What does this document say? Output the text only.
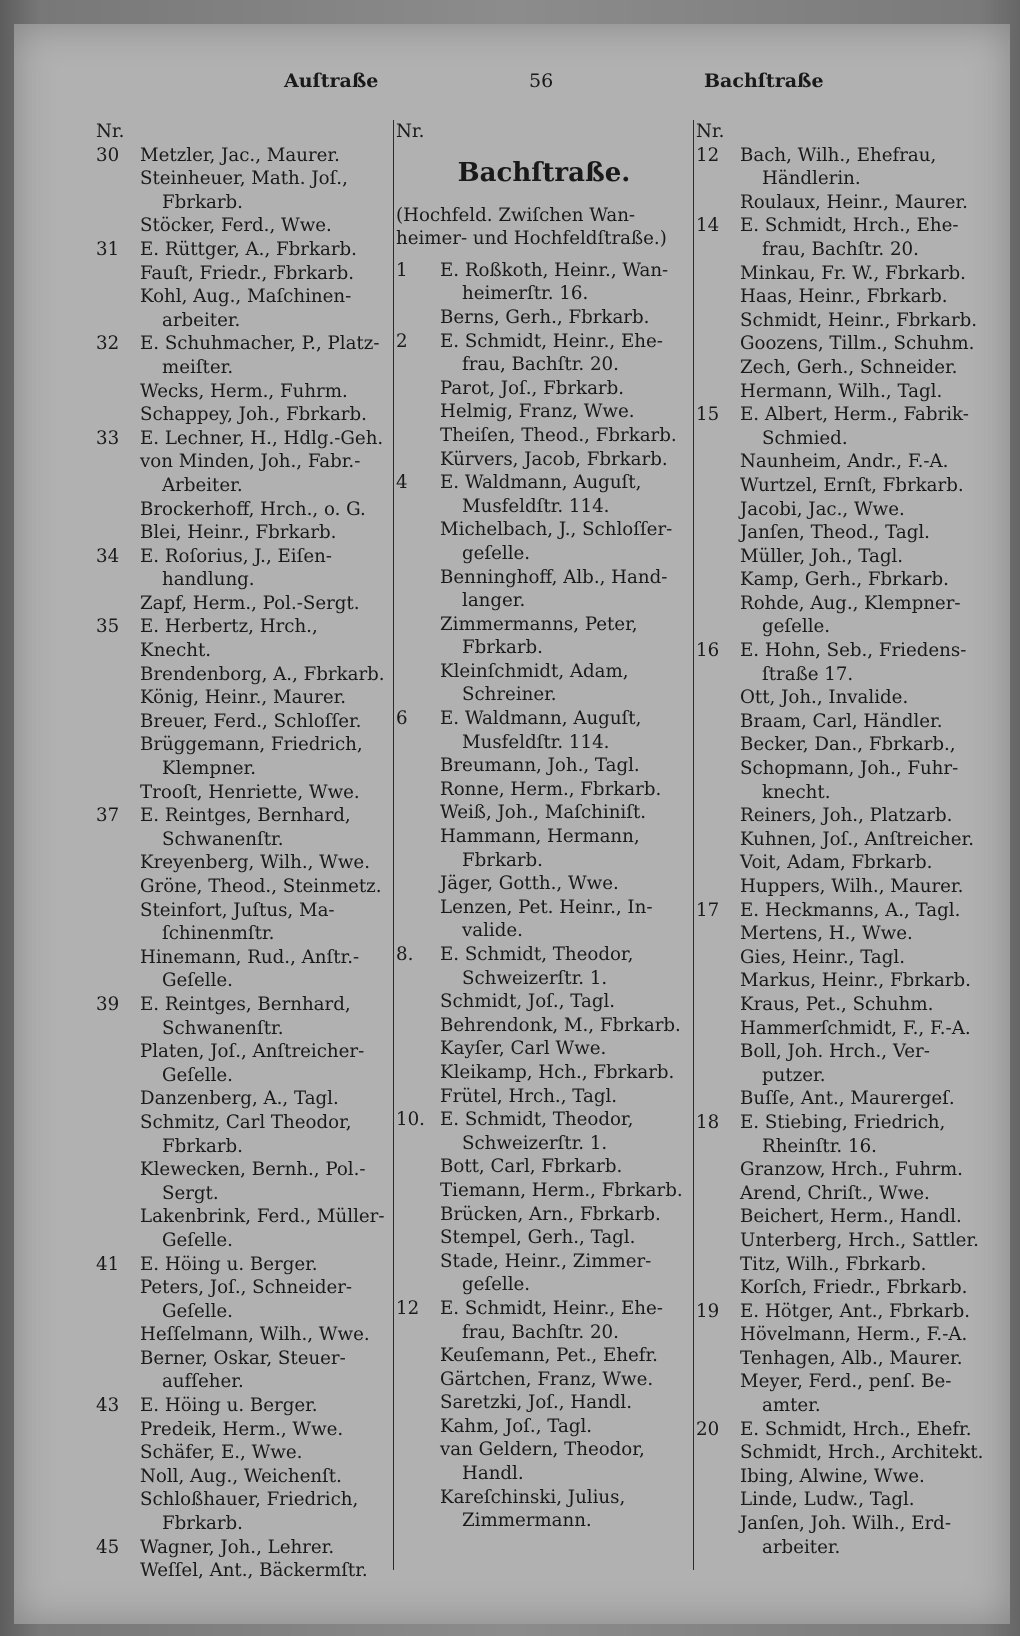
Auſtraße	56	Bachſtraße
Nr.
30	Metzler, Jac., Maurer.
Steinheuer, Math. Joſ.,
Fbrkarb.
Stöcker, Ferd., Wwe.
31	E. Rüttger, A., Fbrkarb.
Fauſt, Friedr., Fbrkarb.
Kohl, Aug., Maſchinen-
arbeiter.
32	E. Schuhmacher, P., Platz-
meiſter.
Wecks, Herm., Fuhrm.
Schappey, Joh., Fbrkarb.
33	E. Lechner, H., Hdlg.-Geh.
von Minden, Joh., Fabr.-
Arbeiter.
Brockerhoff, Hrch., o. G.
Blei, Heinr., Fbrkarb.
34	E. Roſorius, J., Eiſen-
handlung.
Zapf, Herm., Pol.-Sergt.
35	E. Herbertz, Hrch., Knecht.
Brendenborg, A., Fbrkarb.
König, Heinr., Maurer.
Breuer, Ferd., Schloſſer.
Brüggemann, Friedrich,
Klempner.
Trooſt, Henriette, Wwe.
37	E. Reintges, Bernhard,
Schwanenſtr.
Kreyenberg, Wilh., Wwe.
Gröne, Theod., Steinmetz.
Steinfort, Juſtus, Ma-
ſchinenmſtr.
Hinemann, Rud., Anſtr.-
Geſelle.
39	E. Reintges, Bernhard,
Schwanenſtr.
Platen, Joſ., Anſtreicher-
Geſelle.
Danzenberg, A., Tagl.
Schmitz, Carl Theodor,
Fbrkarb.
Klewecken, Bernh., Pol.-
Sergt.
Lakenbrink, Ferd., Müller-
Geſelle.
41	E. Höing u. Berger.
Peters, Joſ., Schneider-
Geſelle.
Heſſelmann, Wilh., Wwe.
Berner, Oskar, Steuer-
aufſeher.
43	E. Höing u. Berger.
Predeik, Herm., Wwe.
Schäfer, E., Wwe.
Noll, Aug., Weichenſt.
Schloßhauer, Friedrich,
Fbrkarb.
45	Wagner, Joh., Lehrer.
Weſſel, Ant., Bäckermſtr.
Nr.
Bachſtraße.
(Hochfeld. Zwiſchen Wan-
heimer- und Hochfeldſtraße.)
1	E. Roßkoth, Heinr., Wan-
heimerſtr. 16.
Berns, Gerh., Fbrkarb.
2	E. Schmidt, Heinr., Ehe-
frau, Bachſtr. 20.
Parot, Joſ., Fbrkarb.
Helmig, Franz, Wwe.
Theiſen, Theod., Fbrkarb.
Kürvers, Jacob, Fbrkarb.
4	E. Waldmann, Auguſt,
Musfeldſtr. 114.
Michelbach, J., Schloſſer-
geſelle.
Benninghoff, Alb., Hand-
langer.
Zimmermanns, Peter,
Fbrkarb.
Kleinſchmidt, Adam,
Schreiner.
6	E. Waldmann, Auguſt,
Musfeldſtr. 114.
Breumann, Joh., Tagl.
Ronne, Herm., Fbrkarb.
Weiß, Joh., Maſchiniſt.
Hammann, Hermann,
Fbrkarb.
Jäger, Gotth., Wwe.
Lenzen, Pet. Heinr., In-
valide.
8.	E. Schmidt, Theodor,
Schweizerſtr. 1.
Schmidt, Joſ., Tagl.
Behrendonk, M., Fbrkarb.
Kayſer, Carl Wwe.
Kleikamp, Hch., Fbrkarb.
Frütel, Hrch., Tagl.
10. E. Schmidt, Theodor,
Schweizerſtr. 1.
Bott, Carl, Fbrkarb.
Tiemann, Herm., Fbrkarb.
Brücken, Arn., Fbrkarb.
Stempel, Gerh., Tagl.
Stade, Heinr., Zimmer-
geſelle.
12	E. Schmidt, Heinr., Ehe-
frau, Bachſtr. 20.
Keuſemann, Pet., Ehefr.
Gärtchen, Franz, Wwe.
Saretzki, Joſ., Handl.
Kahm, Joſ., Tagl.
van Geldern, Theodor,
Handl.
Kareſchinski, Julius,
Zimmermann.
Nr.
12	Bach, Wilh., Ehefrau,
Händlerin.
Roulaux, Heinr., Maurer.
14	E. Schmidt, Hrch., Ehe-
frau, Bachſtr. 20.
Minkau, Fr. W., Fbrkarb.
Haas, Heinr., Fbrkarb.
Schmidt, Heinr., Fbrkarb.
Goozens, Tillm., Schuhm.
Zech, Gerh., Schneider.
Hermann, Wilh., Tagl.
15	E. Albert, Herm., Fabrik-
Schmied.
Naunheim, Andr., F.-A.
Wurtzel, Ernſt, Fbrkarb.
Jacobi, Jac., Wwe.
Janſen, Theod., Tagl.
Müller, Joh., Tagl.
Kamp, Gerh., Fbrkarb.
Rohde, Aug., Klempner-
geſelle.
16	E. Hohn, Seb., Friedens-
ſtraße 17.
Ott, Joh., Invalide.
Braam, Carl, Händler.
Becker, Dan., Fbrkarb.,
Schopmann, Joh., Fuhr-
knecht.
Reiners, Joh., Platzarb.
Kuhnen, Joſ., Anſtreicher.
Voit, Adam, Fbrkarb.
Huppers, Wilh., Maurer.
17	E. Heckmanns, A., Tagl.
Mertens, H., Wwe.
Gies, Heinr., Tagl.
Markus, Heinr., Fbrkarb.
Kraus, Pet., Schuhm.
Hammerſchmidt, F., F.-A.
Boll, Joh. Hrch., Ver-
putzer.
Buſſe, Ant., Maurergeſ.
18	E. Stiebing, Friedrich,
Rheinſtr. 16.
Granzow, Hrch., Fuhrm.
Arend, Chriſt., Wwe.
Beichert, Herm., Handl.
Unterberg, Hrch., Sattler.
Titz, Wilh., Fbrkarb.
Korſch, Friedr., Fbrkarb.
19	E. Hötger, Ant., Fbrkarb.
Hövelmann, Herm., F.-A.
Tenhagen, Alb., Maurer.
Meyer, Ferd., penſ. Be-
amter.
20	E. Schmidt, Hrch., Ehefr.
Schmidt, Hrch., Architekt.
Ibing, Alwine, Wwe.
Linde, Ludw., Tagl.
Janſen, Joh. Wilh., Erd-
arbeiter.
